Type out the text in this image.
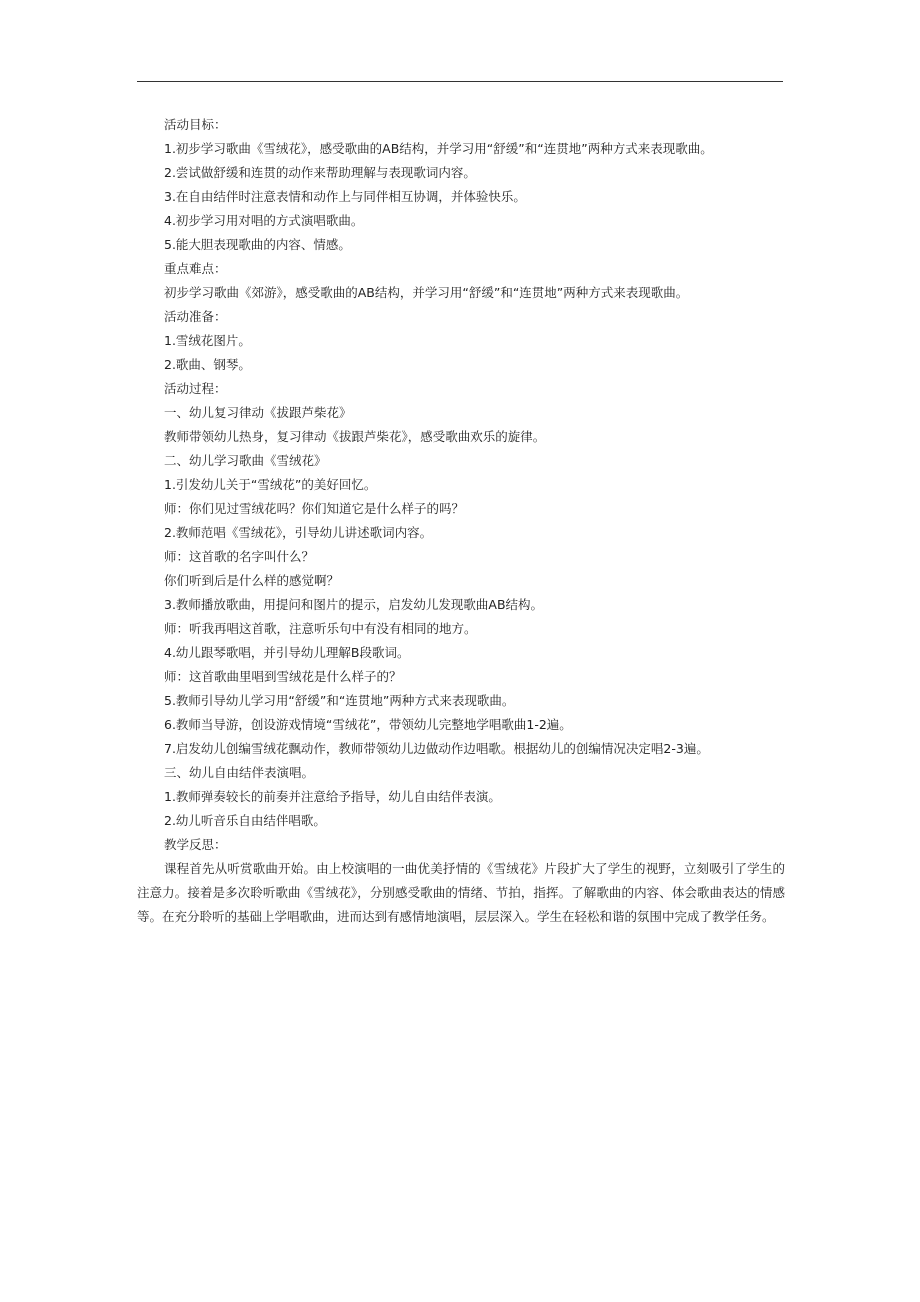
活动目标：
1.初步学习歌曲《雪绒花》，感受歌曲的AB结构，并学习用“舒缓”和“连贯地”两种方式来表现歌曲。
2.尝试做舒缓和连贯的动作来帮助理解与表现歌词内容。
3.在自由结伴时注意表情和动作上与同伴相互协调，并体验快乐。
4.初步学习用对唱的方式演唱歌曲。
5.能大胆表现歌曲的内容、情感。
重点难点：
初步学习歌曲《郊游》，感受歌曲的AB结构，并学习用“舒缓”和“连贯地”两种方式来表现歌曲。
活动准备：
1.雪绒花图片。
2.歌曲、钢琴。
活动过程：
一、幼儿复习律动《拔跟芦柴花》
教师带领幼儿热身，复习律动《拔跟芦柴花》，感受歌曲欢乐的旋律。
二、幼儿学习歌曲《雪绒花》
1.引发幼儿关于“雪绒花”的美好回忆。
师：你们见过雪绒花吗？你们知道它是什么样子的吗？
2.教师范唱《雪绒花》，引导幼儿讲述歌词内容。
师：这首歌的名字叫什么？
你们听到后是什么样的感觉啊？
3.教师播放歌曲，用提问和图片的提示，启发幼儿发现歌曲AB结构。
师：听我再唱这首歌，注意听乐句中有没有相同的地方。
4.幼儿跟琴歌唱，并引导幼儿理解B段歌词。
师：这首歌曲里唱到雪绒花是什么样子的？
5.教师引导幼儿学习用“舒缓”和“连贯地”两种方式来表现歌曲。
6.教师当导游，创设游戏情境“雪绒花”，带领幼儿完整地学唱歌曲1-2遍。
7.启发幼儿创编雪绒花飘动作，教师带领幼儿边做动作边唱歌。根据幼儿的创编情况决定唱2-3遍。
三、幼儿自由结伴表演唱。
1.教师弹奏较长的前奏并注意给予指导，幼儿自由结伴表演。
2.幼儿听音乐自由结伴唱歌。
教学反思：
课程首先从听赏歌曲开始。由上校演唱的一曲优美抒情的《雪绒花》片段扩大了学生的视野，立刻吸引了学生的注意力。接着是多次聆听歌曲《雪绒花》，分别感受歌曲的情绪、节拍，指挥。了解歌曲的内容、体会歌曲表达的情感等。在充分聆听的基础上学唱歌曲，进而达到有感情地演唱，层层深入。学生在轻松和谐的氛围中完成了教学任务。
